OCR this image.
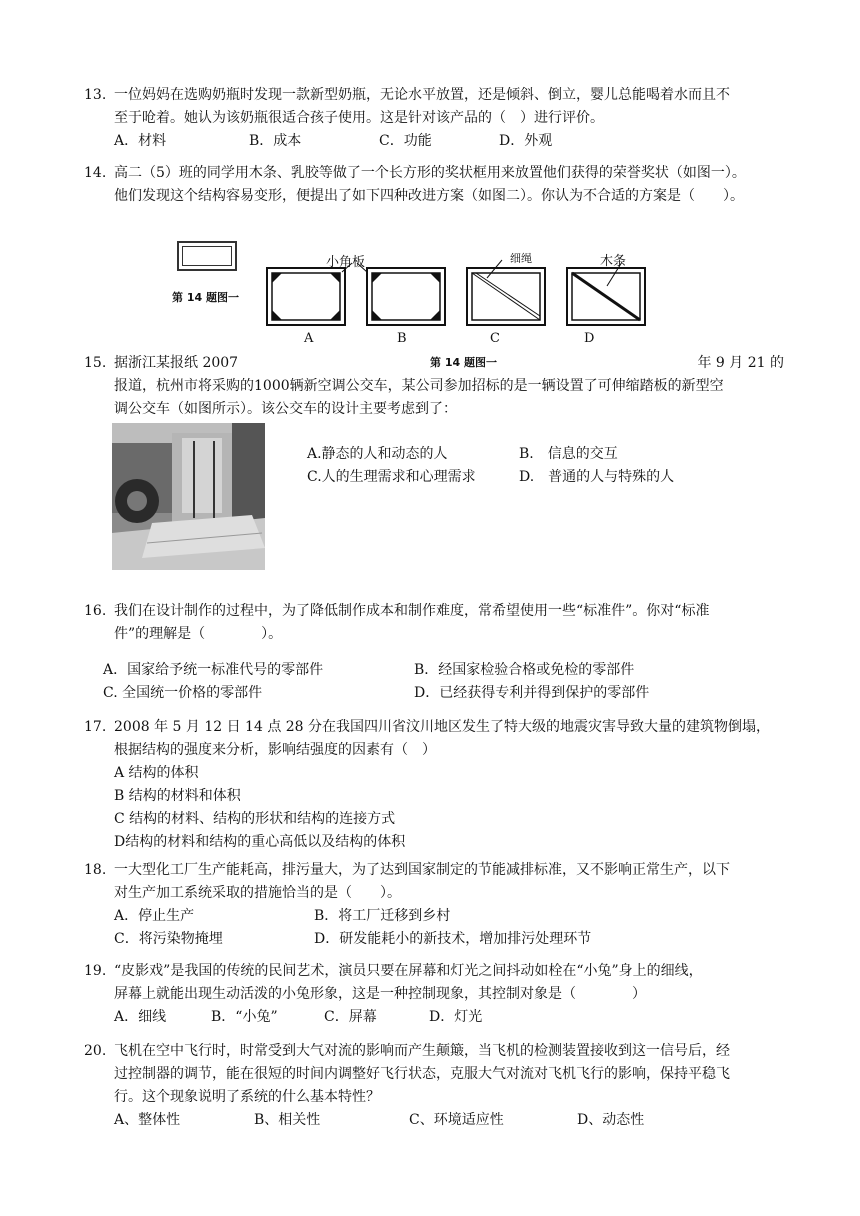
13. 一位妈妈在选购奶瓶时发现一款新型奶瓶，无论水平放置，还是倾斜、倒立，婴儿总能喝着水而且不
至于呛着。她认为该奶瓶很适合孩子使用。这是针对该产品的（　）进行评价。
A．材料	B．成本	C．功能	D．外观
14. 高二（5）班的同学用木条、乳胶等做了一个长方形的奖状框用来放置他们获得的荣誉奖状（如图一）。
他们发现这个结构容易变形，便提出了如下四种改进方案（如图二）。你认为不合适的方案是（　　）。
第 14 题图一
小角板	细绳	木条
A	B	C	D
第 14 题图一
15. 据浙江某报纸 2007	年 9 月 21 的
报道，杭州市将采购的1000辆新空调公交车，某公司参加招标的是一辆设置了可伸缩踏板的新型空
调公交车（如图所示）。该公交车的设计主要考虑到了：
A.静态的人和动态的人	B.　信息的交互
C.人的生理需求和心理需求	D.　普通的人与特殊的人
16. 我们在设计制作的过程中，为了降低制作成本和制作难度，常希望使用一些“标准件”。你对“标准
件”的理解是（　　　　）。
A．国家给予统一标准代号的零部件	B．经国家检验合格或免检的零部件
C. 全国统一价格的零部件	D．已经获得专利并得到保护的零部件
17. 2008 年 5 月 12 日 14 点 28 分在我国四川省汶川地区发生了特大级的地震灾害导致大量的建筑物倒塌，
根据结构的强度来分析，影响结强度的因素有（　）
A 结构的体积
B 结构的材料和体积
C 结构的材料、结构的形状和结构的连接方式
D结构的材料和结构的重心高低以及结构的体积
18. 一大型化工厂生产能耗高，排污量大，为了达到国家制定的节能减排标准，又不影响正常生产，以下
对生产加工系统采取的措施恰当的是（　　）。
A．停止生产	B．将工厂迁移到乡村
C．将污染物掩埋	D．研发能耗小的新技术，增加排污处理环节
19. “皮影戏”是我国的传统的民间艺术，演员只要在屏幕和灯光之间抖动如栓在“小兔”身上的细线，
屏幕上就能出现生动活泼的小兔形象，这是一种控制现象，其控制对象是（　　　　）
A．细线	B．“小兔”	C．屏幕	D．灯光
20. 飞机在空中飞行时，时常受到大气对流的影响而产生颠簸，当飞机的检测装置接收到这一信号后，经
过控制器的调节，能在很短的时间内调整好飞行状态，克服大气对流对飞机飞行的影响，保持平稳飞
行。这个现象说明了系统的什么基本特性？
A、整体性	B、相关性	C、环境适应性	D、动态性
